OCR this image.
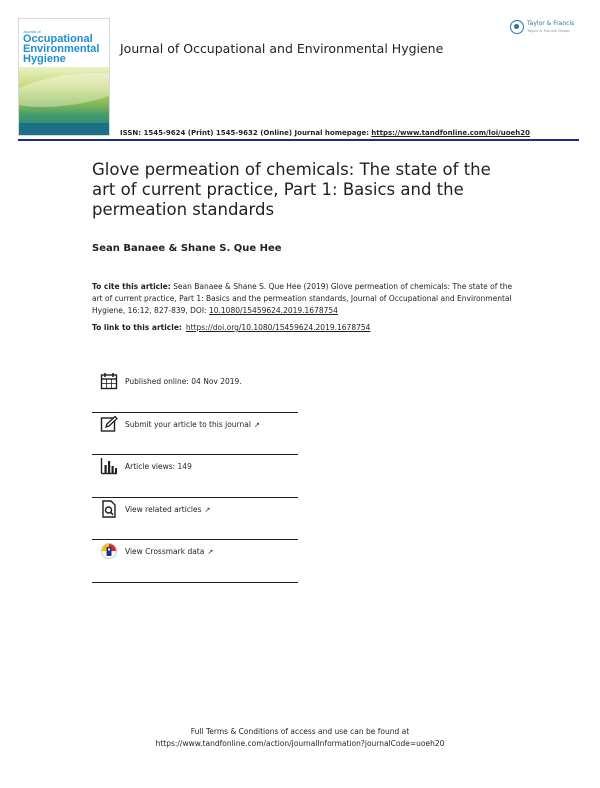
Journal of
Occupational
Environmental
Hygiene
Journal of Occupational and Environmental Hygiene
Taylor & Francis
Taylor & Francis Group
ISSN: 1545-9624 (Print) 1545-9632 (Online) Journal homepage: https://www.tandfonline.com/loi/uoeh20
Glove permeation of chemicals: The state of the art of current practice, Part 1: Basics and the permeation standards
Sean Banaee & Shane S. Que Hee
To cite this article: Sean Banaee & Shane S. Que Hee (2019) Glove permeation of chemicals: The state of the art of current practice, Part 1: Basics and the permeation standards, Journal of Occupational and Environmental Hygiene, 16:12, 827-839, DOI: 10.1080/15459624.2019.1678754
To link to this article: https://doi.org/10.1080/15459624.2019.1678754
Published online: 04 Nov 2019.
Submit your article to this journal ↗
Article views: 149
View related articles ↗
View Crossmark data ↗
Full Terms & Conditions of access and use can be found at
https://www.tandfonline.com/action/journalInformation?journalCode=uoeh20
